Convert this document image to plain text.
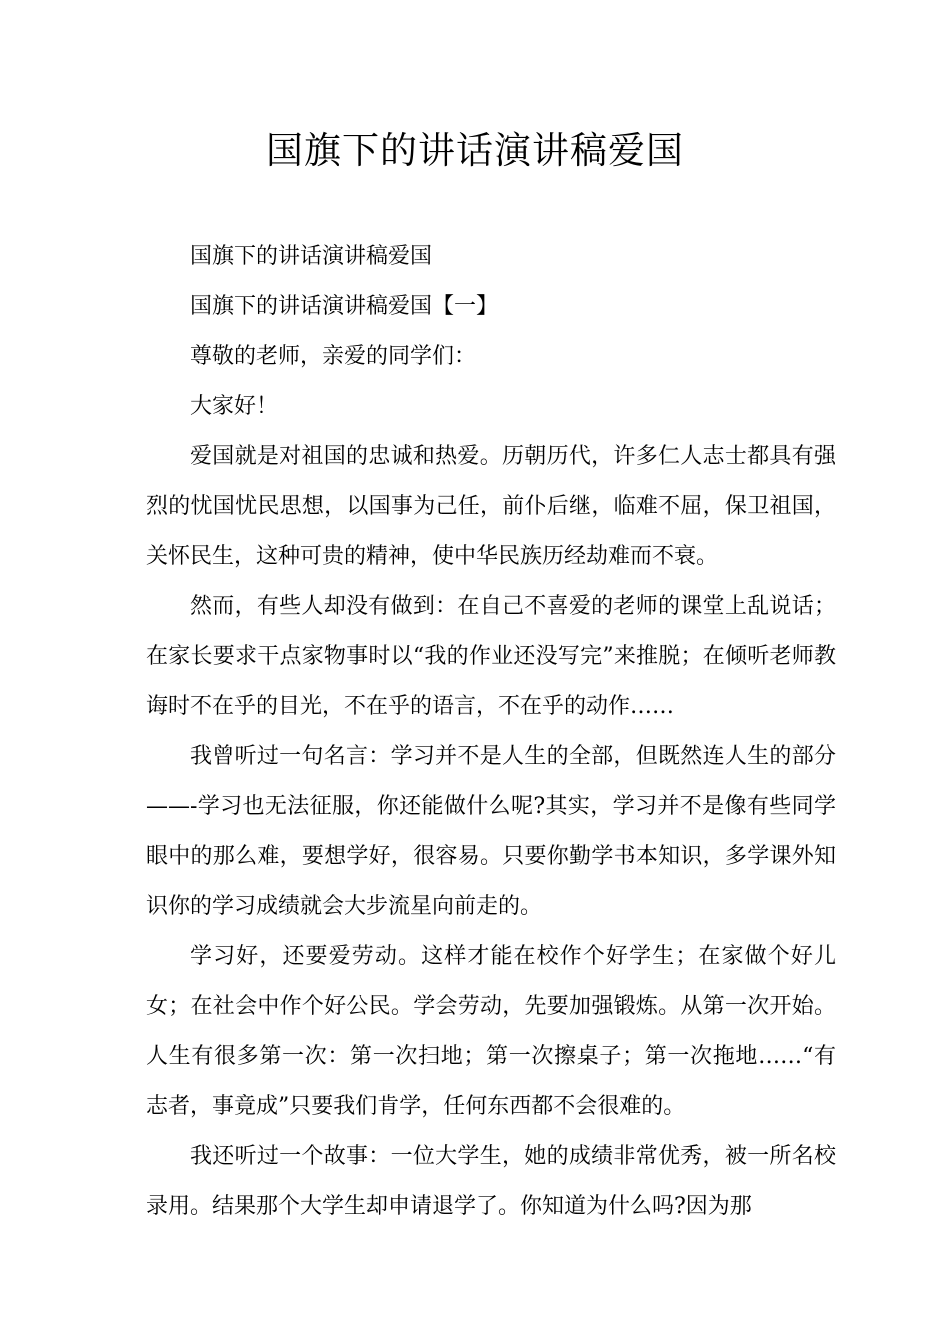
国旗下的讲话演讲稿爱国

国旗下的讲话演讲稿爱国

国旗下的讲话演讲稿爱国【一】

尊敬的老师，亲爱的同学们：

大家好！

爱国就是对祖国的忠诚和热爱。历朝历代，许多仁人志士都具有强烈的忧国忧民思想，以国事为己任，前仆后继，临难不屈，保卫祖国，关怀民生，这种可贵的精神，使中华民族历经劫难而不衰。

然而，有些人却没有做到：在自己不喜爱的老师的课堂上乱说话；在家长要求干点家物事时以“我的作业还没写完”来推脱；在倾听老师教诲时不在乎的目光，不在乎的语言，不在乎的动作……

我曾听过一句名言：学习并不是人生的全部，但既然连人生的部分——-学习也无法征服，你还能做什么呢?其实，学习并不是像有些同学眼中的那么难，要想学好，很容易。只要你勤学书本知识，多学课外知识你的学习成绩就会大步流星向前走的。

学习好，还要爱劳动。这样才能在校作个好学生；在家做个好儿女；在社会中作个好公民。学会劳动，先要加强锻炼。从第一次开始。人生有很多第一次：第一次扫地；第一次擦桌子；第一次拖地……“有志者，事竟成”只要我们肯学，任何东西都不会很难的。

我还听过一个故事：一位大学生，她的成绩非常优秀，被一所名校录用。结果那个大学生却申请退学了。你知道为什么吗?因为那
